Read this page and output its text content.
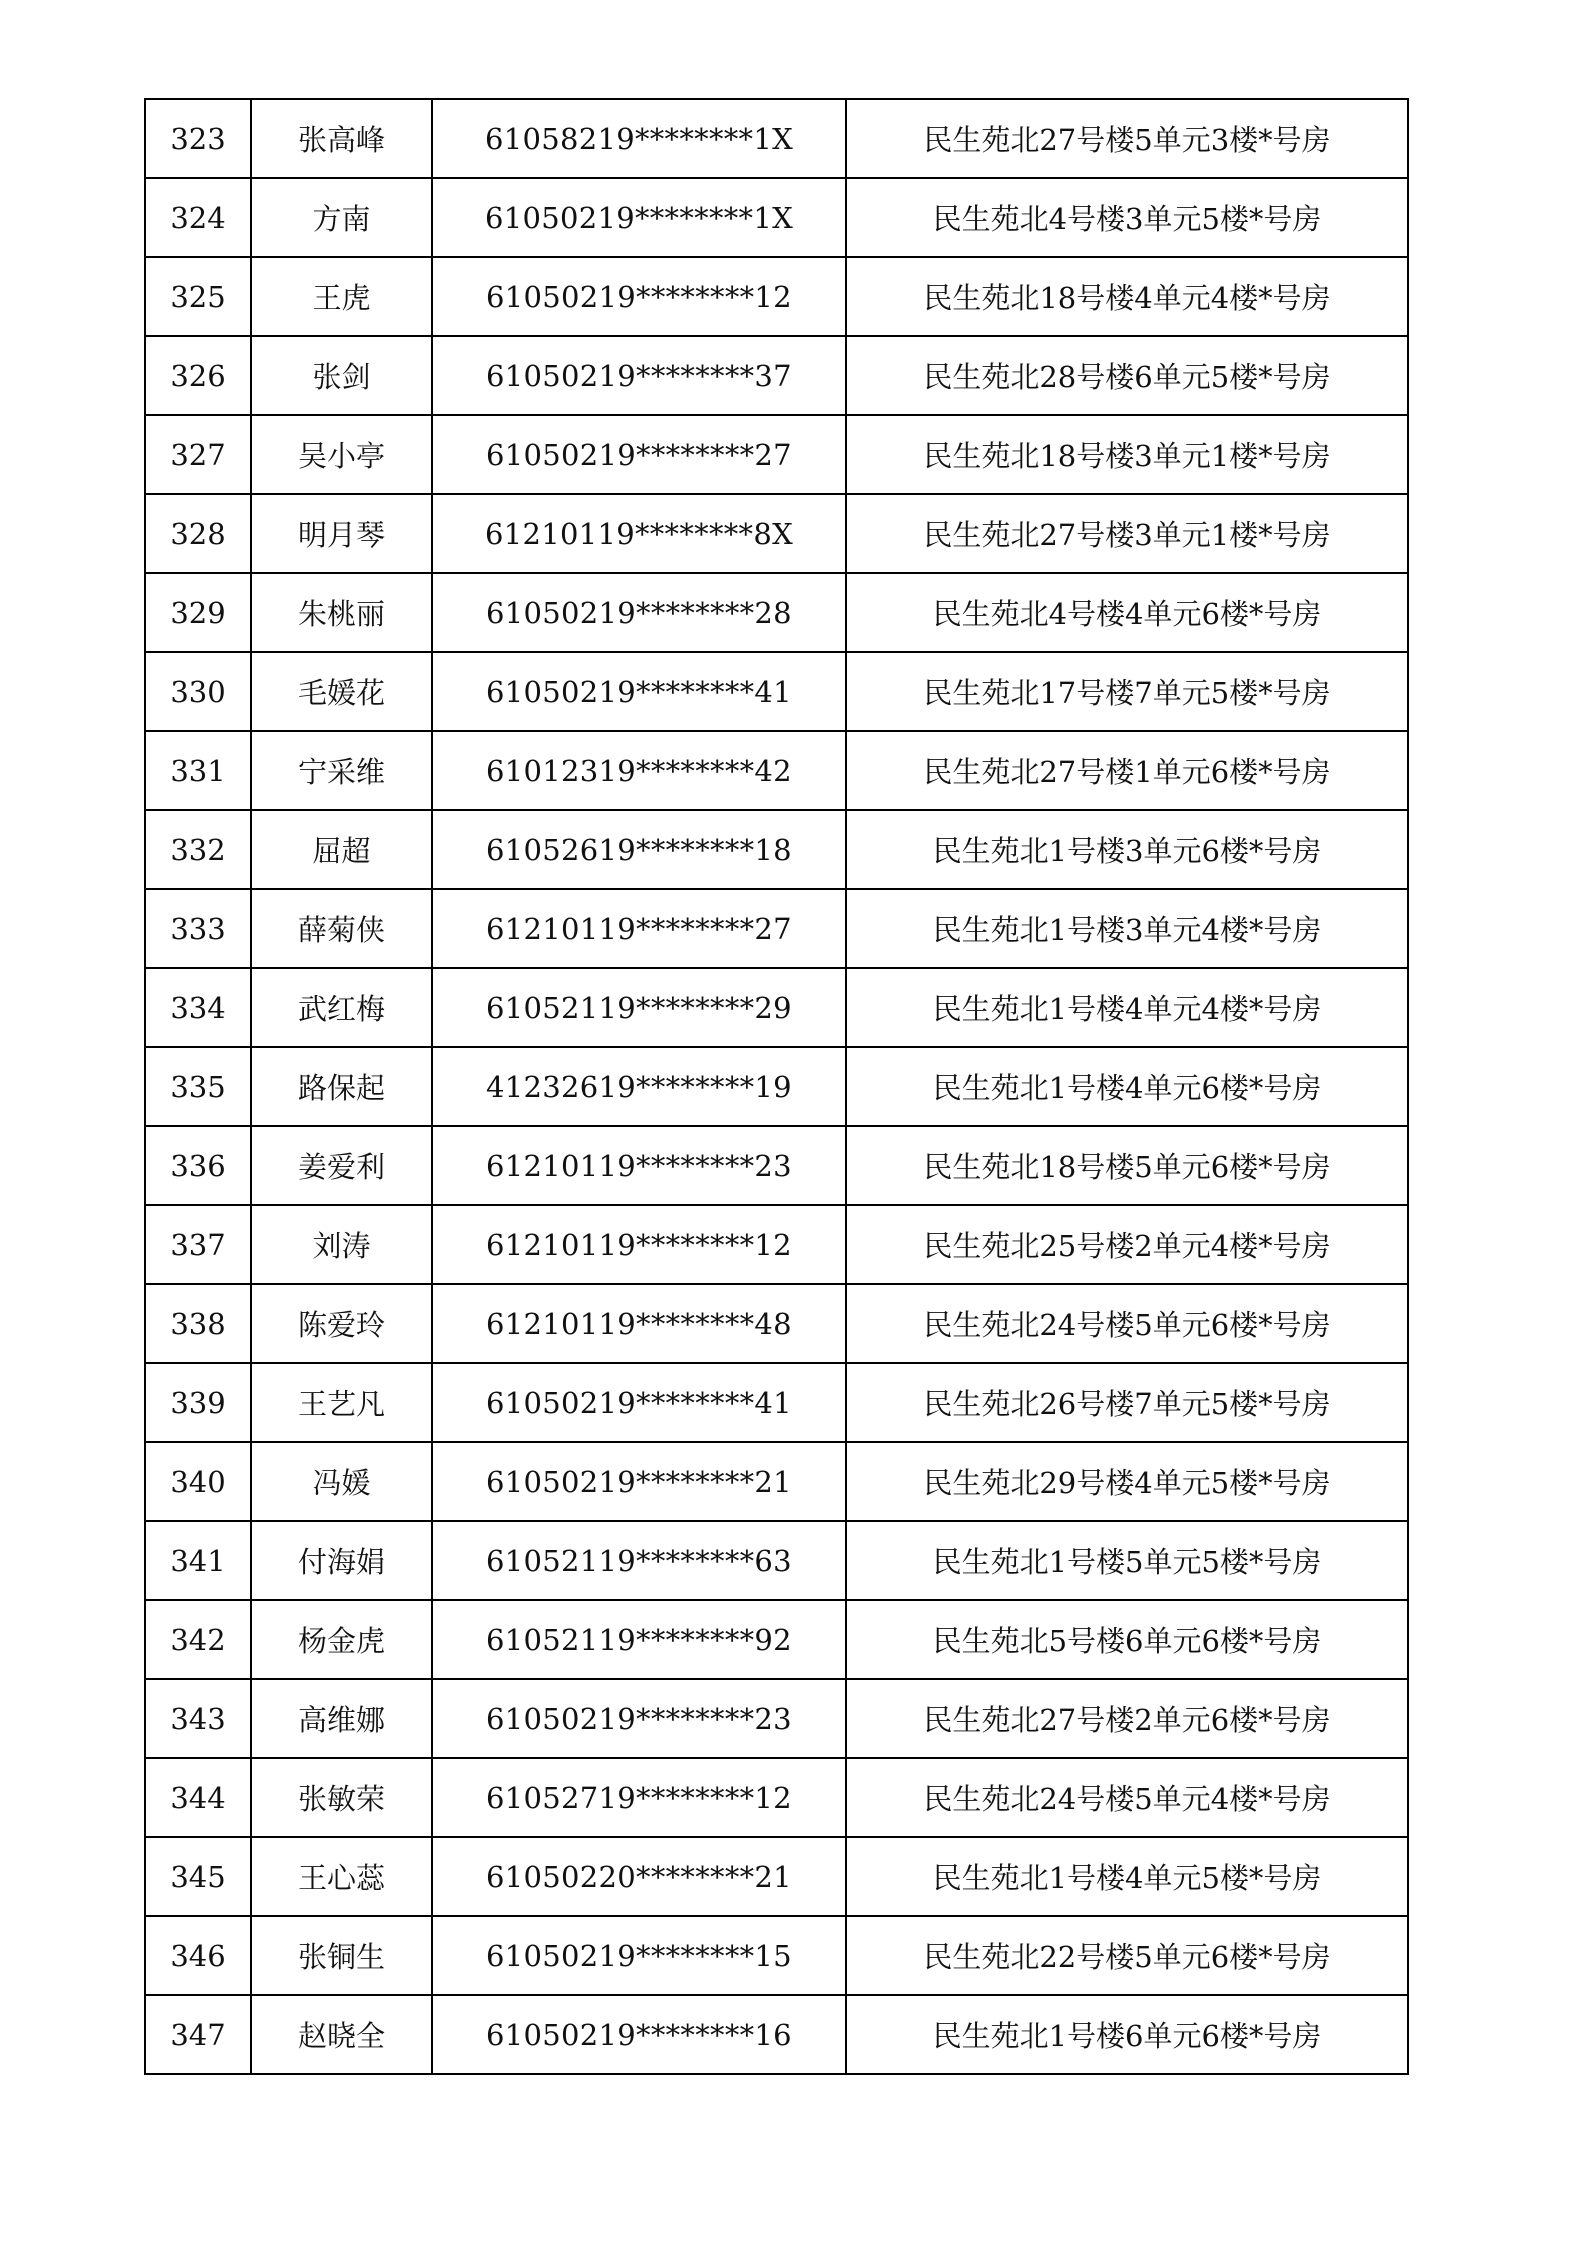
323	张高峰	61058219********1X	民生苑北27号楼5单元3楼*号房
324	方南	61050219********1X	民生苑北4号楼3单元5楼*号房
325	王虎	61050219********12	民生苑北18号楼4单元4楼*号房
326	张剑	61050219********37	民生苑北28号楼6单元5楼*号房
327	吴小亭	61050219********27	民生苑北18号楼3单元1楼*号房
328	明月琴	61210119********8X	民生苑北27号楼3单元1楼*号房
329	朱桃丽	61050219********28	民生苑北4号楼4单元6楼*号房
330	毛媛花	61050219********41	民生苑北17号楼7单元5楼*号房
331	宁采维	61012319********42	民生苑北27号楼1单元6楼*号房
332	屈超	61052619********18	民生苑北1号楼3单元6楼*号房
333	薛菊侠	61210119********27	民生苑北1号楼3单元4楼*号房
334	武红梅	61052119********29	民生苑北1号楼4单元4楼*号房
335	路保起	41232619********19	民生苑北1号楼4单元6楼*号房
336	姜爱利	61210119********23	民生苑北18号楼5单元6楼*号房
337	刘涛	61210119********12	民生苑北25号楼2单元4楼*号房
338	陈爱玲	61210119********48	民生苑北24号楼5单元6楼*号房
339	王艺凡	61050219********41	民生苑北26号楼7单元5楼*号房
340	冯媛	61050219********21	民生苑北29号楼4单元5楼*号房
341	付海娟	61052119********63	民生苑北1号楼5单元5楼*号房
342	杨金虎	61052119********92	民生苑北5号楼6单元6楼*号房
343	高维娜	61050219********23	民生苑北27号楼2单元6楼*号房
344	张敏荣	61052719********12	民生苑北24号楼5单元4楼*号房
345	王心蕊	61050220********21	民生苑北1号楼4单元5楼*号房
346	张铜生	61050219********15	民生苑北22号楼5单元6楼*号房
347	赵晓全	61050219********16	民生苑北1号楼6单元6楼*号房
